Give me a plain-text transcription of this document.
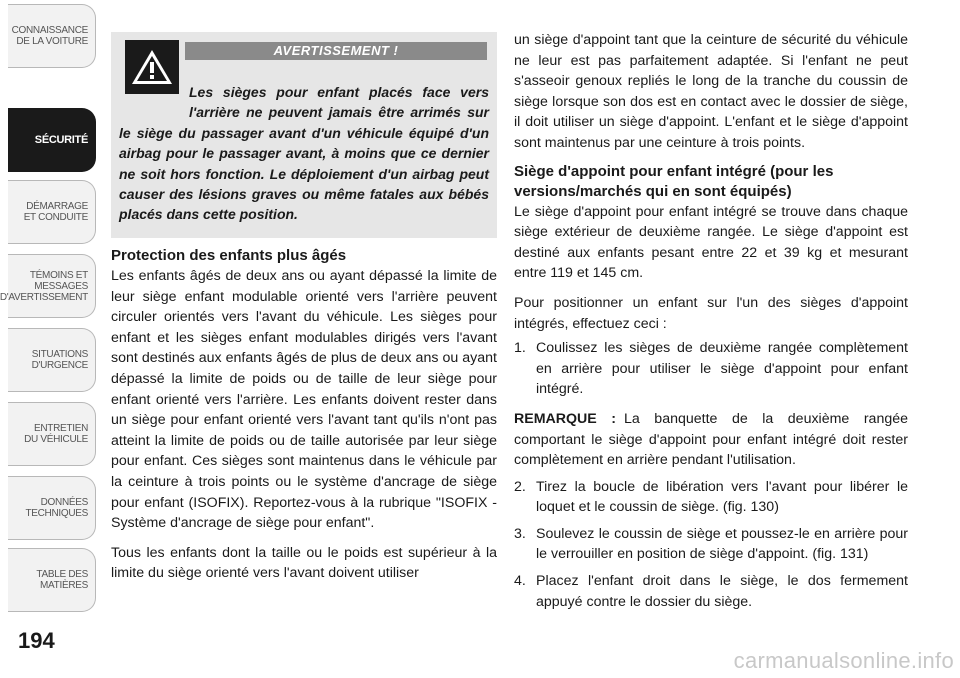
CONNAISSANCE
DE LA VOITURE
SÉCURITÉ
DÉMARRAGE
ET CONDUITE
TÉMOINS ET
MESSAGES
D'AVERTISSEMENT
SITUATIONS
D'URGENCE
ENTRETIEN
DU VÉHICULE
DONNÉES
TECHNIQUES
TABLE DES
MATIÈRES
194
AVERTISSEMENT !

Les sièges pour enfant placés face vers l'arrière ne peuvent jamais être arrimés sur le siège du passager avant d'un véhicule équipé d'un airbag pour le passager avant, à moins que ce dernier ne soit hors fonction. Le déploiement d'un airbag peut causer des lésions graves ou même fatales aux bébés placés dans cette position.

Protection des enfants plus âgés

Les enfants âgés de deux ans ou ayant dépassé la limite de leur siège enfant modulable orienté vers l'arrière peuvent circuler orientés vers l'avant du véhicule. Les sièges pour enfant et les sièges enfant modulables dirigés vers l'avant sont destinés aux enfants âgés de plus de deux ans ou ayant dépassé la limite de poids ou de taille de leur siège pour enfant orienté vers l'arrière. Les enfants doivent rester dans un siège pour enfant orienté vers l'avant tant qu'ils n'ont pas atteint la limite de poids ou de taille autorisée par leur siège pour enfant. Ces sièges sont maintenus dans le véhicule par la ceinture à trois points ou le système d'ancrage de siège pour enfant (ISOFIX). Reportez-vous à la rubrique "ISOFIX - Système d'ancrage de siège pour enfant".

Tous les enfants dont la taille ou le poids est supérieur à la limite du siège orienté vers l'avant doivent utiliser

un siège d'appoint tant que la ceinture de sécurité du véhicule ne leur est pas parfaitement adaptée. Si l'enfant ne peut s'asseoir genoux repliés le long de la tranche du coussin de siège lorsque son dos est en contact avec le dossier de siège, il doit utiliser un siège d'appoint. L'enfant et le siège d'appoint sont maintenus par une ceinture à trois points.

Siège d'appoint pour enfant intégré (pour les versions/marchés qui en sont équipés)

Le siège d'appoint pour enfant intégré se trouve dans chaque siège extérieur de deuxième rangée. Le siège d'appoint est destiné aux enfants pesant entre 22 et 39 kg et mesurant entre 119 et 145 cm.

Pour positionner un enfant sur l'un des sièges d'appoint intégrés, effectuez ceci :

1. Coulissez les sièges de deuxième rangée complètement en arrière pour utiliser le siège d'appoint pour enfant intégré.

REMARQUE : La banquette de la deuxième rangée comportant le siège d'appoint pour enfant intégré doit rester complètement en arrière pendant l'utilisation.

2. Tirez la boucle de libération vers l'avant pour libérer le loquet et le coussin de siège. (fig. 130)
3. Soulevez le coussin de siège et poussez-le en arrière pour le verrouiller en position de siège d'appoint. (fig. 131)
4. Placez l'enfant droit dans le siège, le dos fermement appuyé contre le dossier du siège.
carmanualsonline.info
